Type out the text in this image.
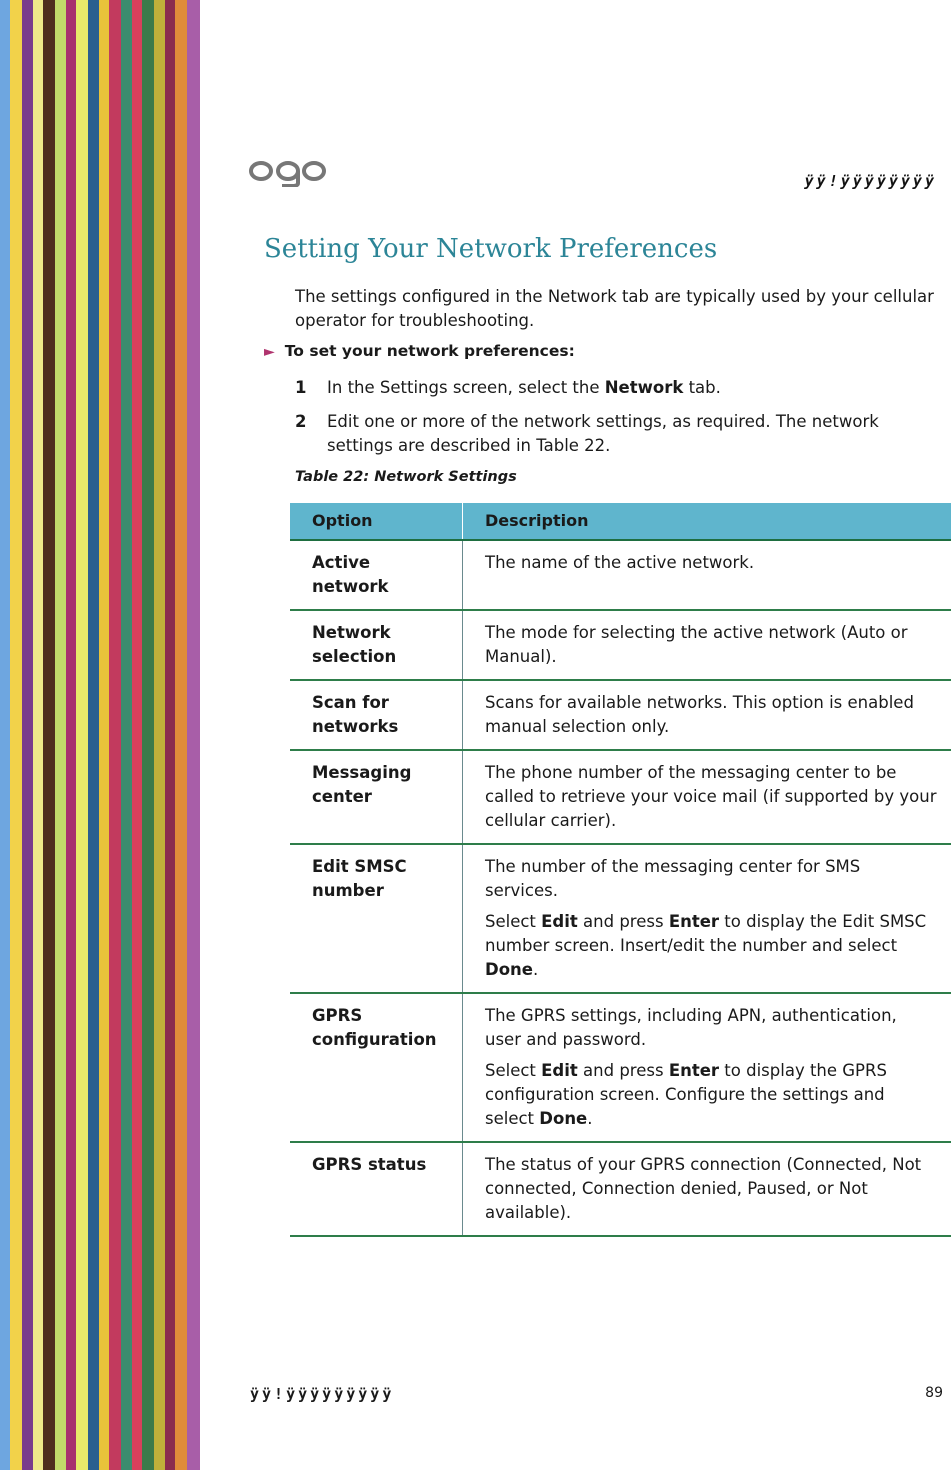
ÿÿ!ÿÿÿÿÿÿÿÿ
Setting Your Network Preferences
The settings configured in the Network tab are typically used by your cellular operator for troubleshooting.
► To set your network preferences:
1 In the Settings screen, select the Network tab.
2 Edit one or more of the network settings, as required. The network settings are described in Table 22.
Table 22: Network Settings
Option	Description
Active network	The name of the active network.

Network selection	The mode for selecting the active network (Auto or Manual).

Scan for networks	Scans for available networks. This option is enabled manual selection only.

Messaging center	The phone number of the messaging center to be called to retrieve your voice mail (if supported by your cellular carrier).

Edit SMSC number	The number of the messaging center for SMS services.

Select Edit and press Enter to display the Edit SMSC number screen. Insert/edit the number and select Done.

GPRS configuration	The GPRS settings, including APN, authentication, user and password.

Select Edit and press Enter to display the GPRS configuration screen. Configure the settings and select Done.

GPRS status	The status of your GPRS connection (Connected, Not connected, Connection denied, Paused, or Not available).

ÿÿ!ÿÿÿÿÿÿÿÿÿ	89
